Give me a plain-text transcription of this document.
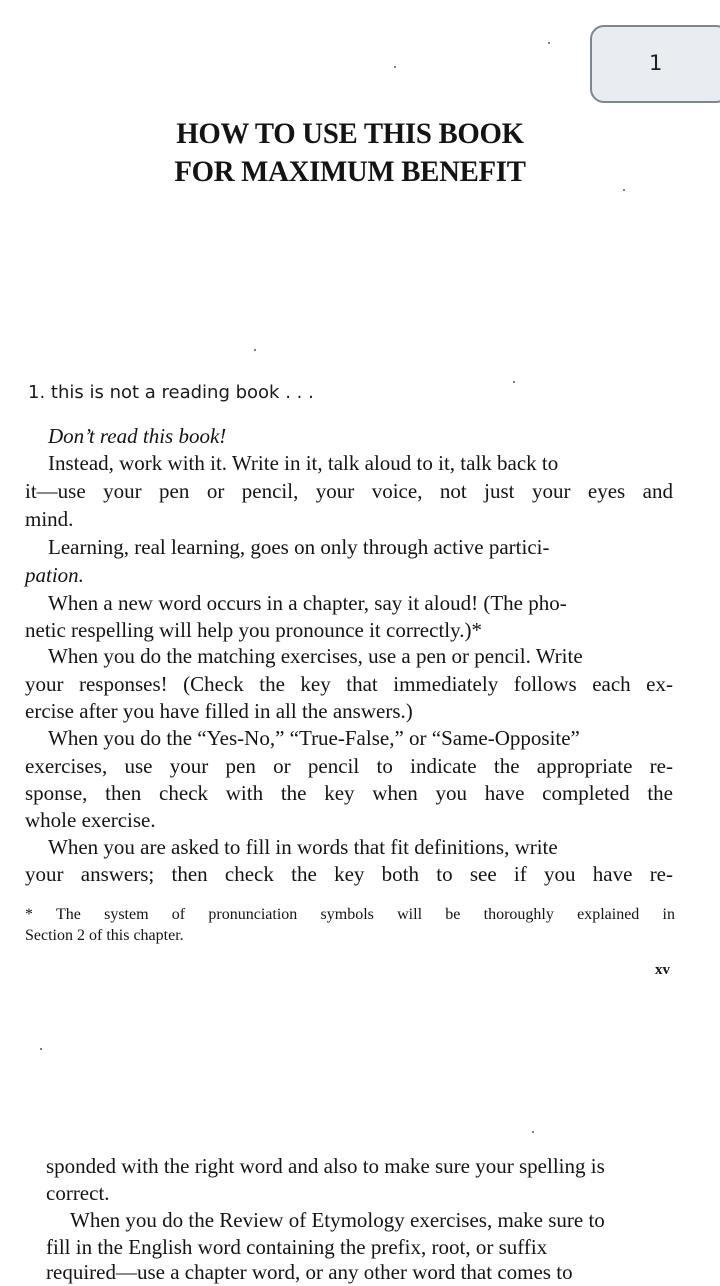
1
HOW TO USE THIS BOOK
FOR MAXIMUM BENEFIT
1. this is not a reading book . . .
Don’t read this book!
Instead, work with it. Write in it, talk aloud to it, talk back to
it—use your pen or pencil, your voice, not just your eyes and
mind.
Learning, real learning, goes on only through active partici-
pation.
When a new word occurs in a chapter, say it aloud! (The pho-
netic respelling will help you pronounce it correctly.)*
When you do the matching exercises, use a pen or pencil. Write
your responses! (Check the key that immediately follows each ex-
ercise after you have filled in all the answers.)
When you do the “Yes-No,” “True-False,” or “Same-Opposite”
exercises, use your pen or pencil to indicate the appropriate re-
sponse, then check with the key when you have completed the
whole exercise.
When you are asked to fill in words that fit definitions, write
your answers; then check the key both to see if you have re-
* The system of pronunciation symbols will be thoroughly explained in
Section 2 of this chapter.
xv
sponded with the right word and also to make sure your spelling is
correct.
When you do the Review of Etymology exercises, make sure to
fill in the English word containing the prefix, root, or suffix
required—use a chapter word, or any other word that comes to
